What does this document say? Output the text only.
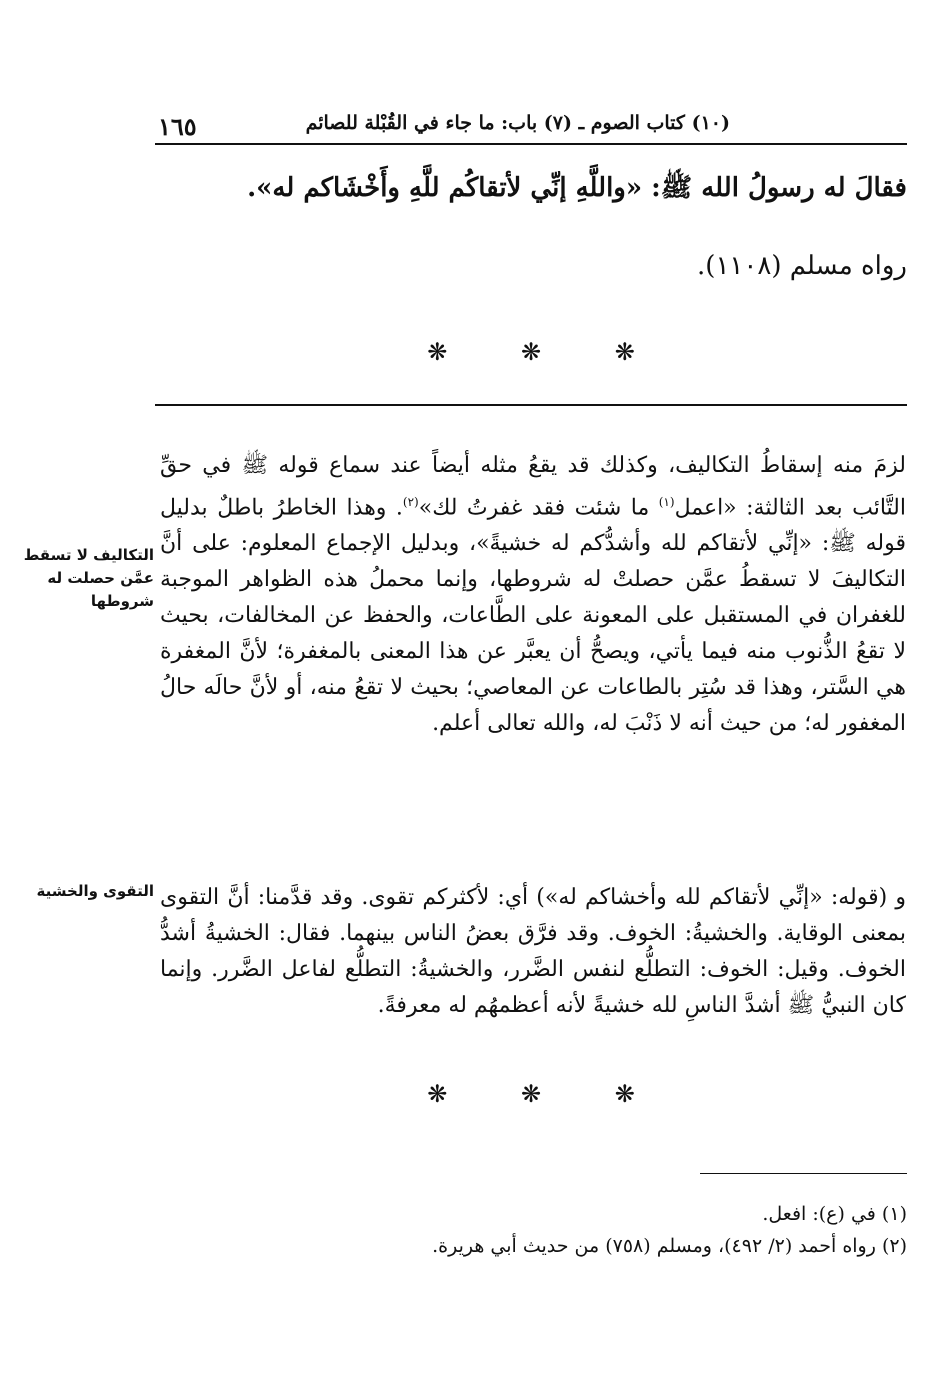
١٦٥	(١٠) كتاب الصوم ـ (٧) باب: ما جاء في القُبْلة للصائم
فقالَ له رسولُ الله ﷺ: «واللَّهِ إنِّي لأتقاكُم للَّهِ وأَخْشَاكم له».
رواه مسلم (١١٠٨).
❋	❋	❋
لزمَ منه إسقاطُ التكاليف، وكذلك قد يقعُ مثله أيضاً عند سماع قوله ﷺ في حقِّ التَّائب بعد الثالثة: «اعمل$^{(١)}$ ما شئت فقد غفرتُ لك»$^{(٢)}$. وهذا الخاطرُ باطلٌ بدليل قوله ﷺ: «إنِّي لأتقاكم لله وأشدُّكم له خشيةً»، وبدليل الإجماع المعلوم: على أنَّ التكاليفَ لا تسقطُ عمَّن حصلتْ له شروطها، وإنما محملُ هذه الظواهر الموجبة للغفران في المستقبل على المعونة على الطَّاعات، والحفظ عن المخالفات، بحيث لا تقعُ الذُّنوب منه فيما يأتي، ويصحُّ أن يعبَّر عن هذا المعنى بالمغفرة؛ لأنَّ المغفرة هي السَّتر، وهذا قد سُتِر بالطاعات عن المعاصي؛ بحيث لا تقعُ منه، أو لأنَّ حالَه حالُ المغفور له؛ من حيث أنه لا ذَنْبَ له، والله تعالى أعلم.
التكاليف لا تسقط
عمَّن حصلت له
شروطها
و (قوله: «إنِّي لأتقاكم لله وأخشاكم له») أي: لأكثركم تقوى. وقد قدَّمنا: أنَّ التقوى بمعنى الوقاية. والخشيةُ: الخوف. وقد فرَّق بعضُ الناس بينهما. فقال: الخشيةُ أشدُّ الخوف. وقيل: الخوف: التطلُّع لنفس الضَّرر، والخشيةُ: التطلُّع لفاعل الضَّرر. وإنما كان النبيُّ ﷺ أشدَّ الناسِ لله خشيةً لأنه أعظمهُم له معرفةً.
التقوى والخشية
❋	❋	❋
(١) في (ع): افعل.
(٢) رواه أحمد (٢/ ٤٩٢)، ومسلم (٧٥٨) من حديث أبي هريرة.
